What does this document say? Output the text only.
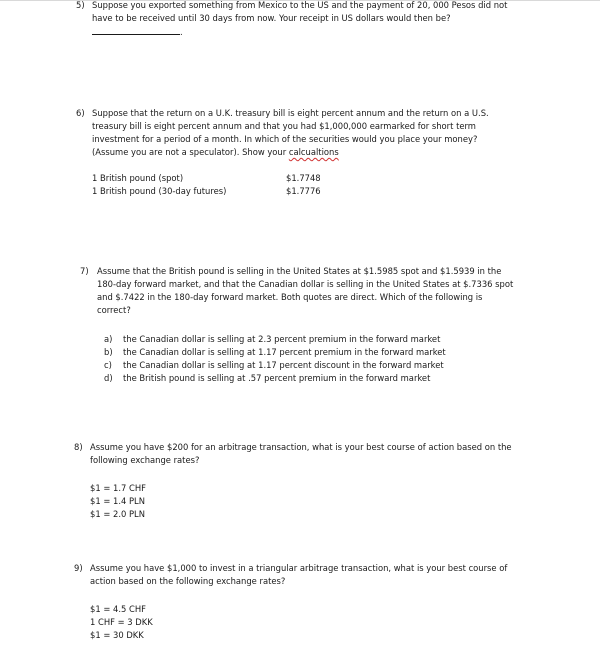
5) Suppose you exported something from Mexico to the US and the payment of 20, 000 Pesos did not
have to be received until 30 days from now. Your receipt in US dollars would then be?
.
6) Suppose that the return on a U.K. treasury bill is eight percent annum and the return on a U.S.
treasury bill is eight percent annum and that you had $1,000,000 earmarked for short term
investment for a period of a month. In which of the securities would you place your money?
(Assume you are not a speculator). Show your calcualtions
1 British pound (spot)	$1.7748
1 British pound (30-day futures)	$1.7776
7) Assume that the British pound is selling in the United States at $1.5985 spot and $1.5939 in the
180-day forward market, and that the Canadian dollar is selling in the United States at $.7336 spot
and $.7422 in the 180-day forward market. Both quotes are direct. Which of the following is
correct?
a) the Canadian dollar is selling at 2.3 percent premium in the forward market
b) the Canadian dollar is selling at 1.17 percent premium in the forward market
c) the Canadian dollar is selling at 1.17 percent discount in the forward market
d) the British pound is selling at .57 percent premium in the forward market
8) Assume you have $200 for an arbitrage transaction, what is your best course of action based on the
following exchange rates?
$1 = 1.7 CHF
$1 = 1.4 PLN
$1 = 2.0 PLN
9) Assume you have $1,000 to invest in a triangular arbitrage transaction, what is your best course of
action based on the following exchange rates?
$1 = 4.5 CHF
1 CHF = 3 DKK
$1 = 30 DKK
